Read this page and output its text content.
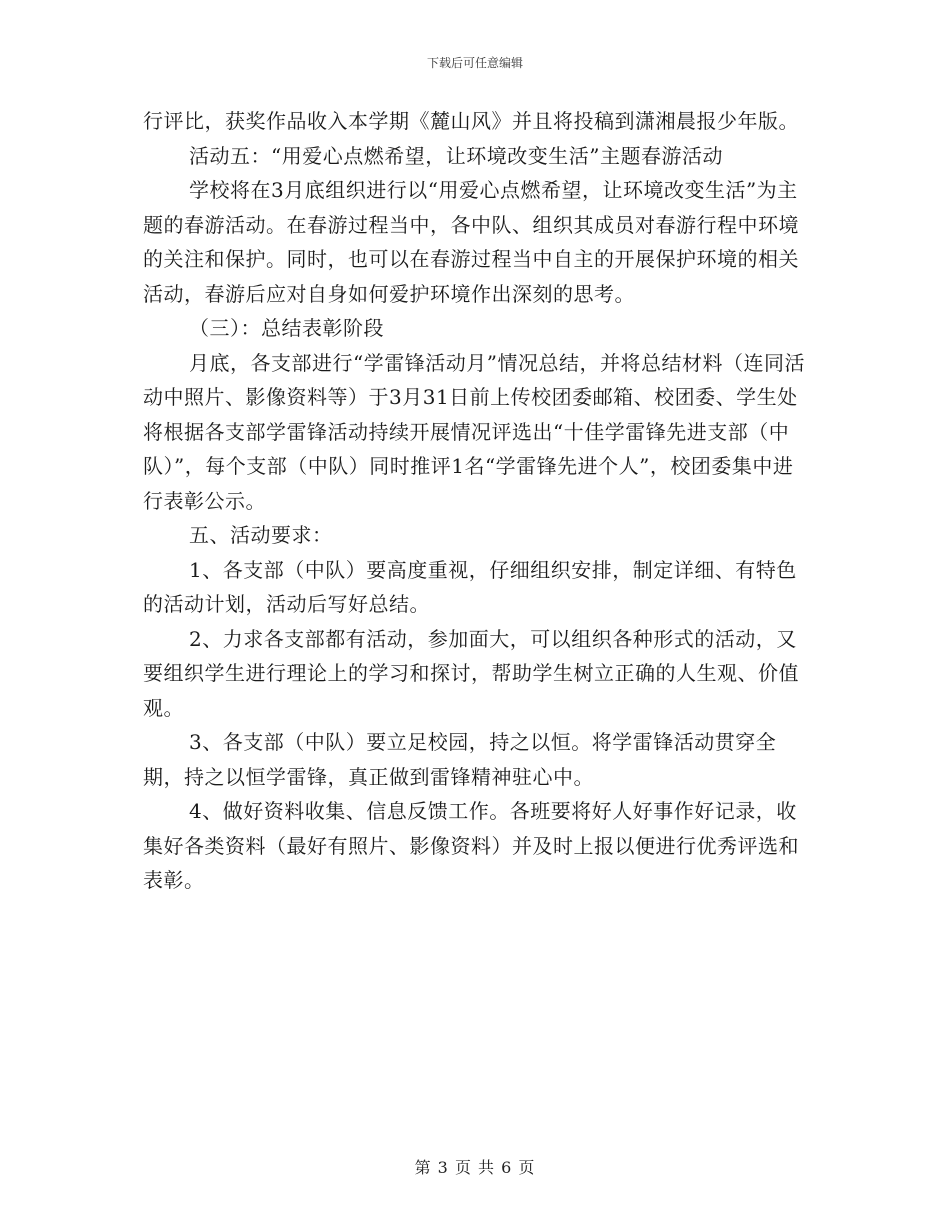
下载后可任意编辑

行评比，获奖作品收入本学期《麓山风》并且将投稿到潇湘晨报少年版。

活动五：“用爱心点燃希望，让环境改变生活”主题春游活动

学校将在3月底组织进行以“用爱心点燃希望，让环境改变生活”为主题的春游活动。在春游过程当中，各中队、组织其成员对春游行程中环境的关注和保护。同时，也可以在春游过程当中自主的开展保护环境的相关活动，春游后应对自身如何爱护环境作出深刻的思考。

（三）：总结表彰阶段

月底，各支部进行“学雷锋活动月”情况总结，并将总结材料（连同活动中照片、影像资料等）于3月31日前上传校团委邮箱、校团委、学生处将根据各支部学雷锋活动持续开展情况评选出“十佳学雷锋先进支部（中队）”，每个支部（中队）同时推评1名“学雷锋先进个人”，校团委集中进行表彰公示。

五、活动要求：

1、各支部（中队）要高度重视，仔细组织安排，制定详细、有特色的活动计划，活动后写好总结。

2、力求各支部都有活动，参加面大，可以组织各种形式的活动，又要组织学生进行理论上的学习和探讨，帮助学生树立正确的人生观、价值观。

3、各支部（中队）要立足校园，持之以恒。将学雷锋活动贯穿全期，持之以恒学雷锋，真正做到雷锋精神驻心中。

4、做好资料收集、信息反馈工作。各班要将好人好事作好记录，收集好各类资料（最好有照片、影像资料）并及时上报以便进行优秀评选和表彰。

第 3 页 共 6 页
